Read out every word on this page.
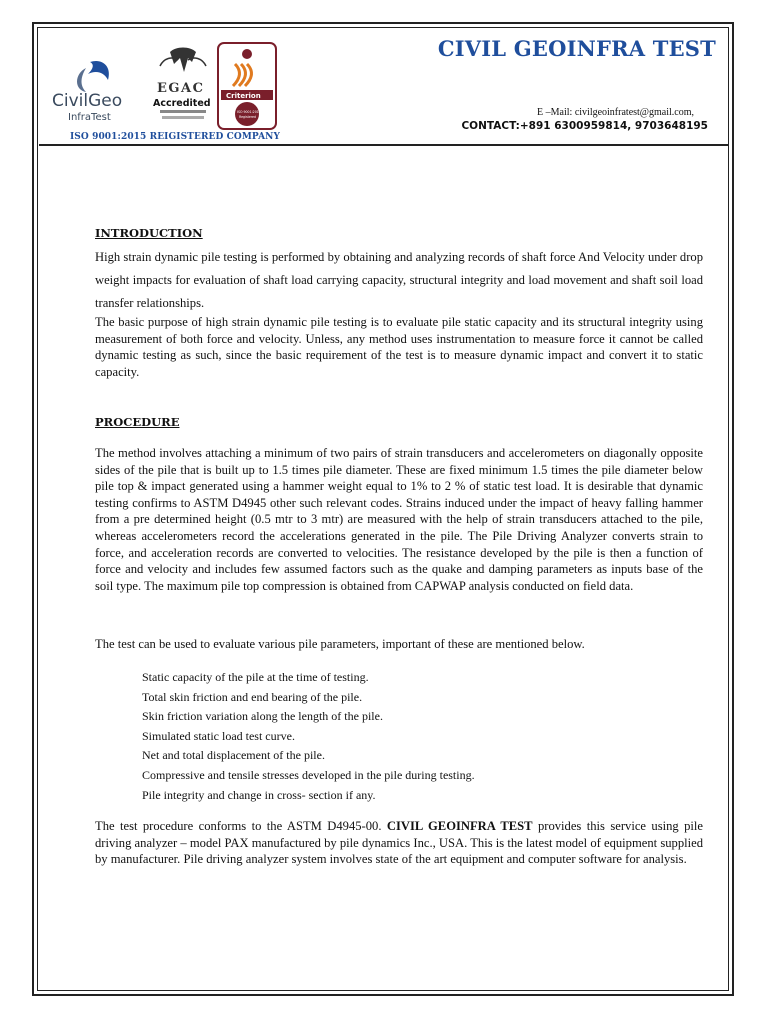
CivilGeo
InfraTest
EGAC
Accredited
Criterion
ISO 9001:2015
Registered
CIVIL GEOINFRA TEST
E –Mail: civilgeoinfratest@gmail.com,
CONTACT:+891 6300959814, 9703648195
ISO 9001:2015 REIGISTERED COMPANY
INTRODUCTION
High strain dynamic pile testing is performed by obtaining and analyzing records of shaft force And Velocity under drop weight impacts for evaluation of shaft load carrying capacity, structural integrity and load movement and shaft soil load transfer relationships.
The basic purpose of high strain dynamic pile testing is to evaluate pile static capacity and its structural integrity using measurement of both force and velocity. Unless, any method uses instrumentation to measure force it cannot be called dynamic testing as such, since the basic requirement of the test is to measure dynamic impact and convert it to static capacity.
PROCEDURE
The method involves attaching a minimum of two pairs of strain transducers and accelerometers on diagonally opposite sides of the pile that is built up to 1.5 times pile diameter. These are fixed minimum 1.5 times the pile diameter below pile top & impact generated using a hammer weight equal to 1% to 2 % of static test load. It is desirable that dynamic testing confirms to ASTM D4945 other such relevant codes. Strains induced under the impact of heavy falling hammer from a pre determined height (0.5 mtr to 3 mtr) are measured with the help of strain transducers attached to the pile, whereas accelerometers record the accelerations generated in the pile. The Pile Driving Analyzer converts strain to force, and acceleration records are converted to velocities. The resistance developed by the pile is then a function of force and velocity and includes few assumed factors such as the quake and damping parameters as inputs base of the soil type. The maximum pile top compression is obtained from CAPWAP analysis conducted on field data.
The test can be used to evaluate various pile parameters, important of these are mentioned below.
Static capacity of the pile at the time of testing.
Total skin friction and end bearing of the pile.
Skin friction variation along the length of the pile.
Simulated static load test curve.
Net and total displacement of the pile.
Compressive and tensile stresses developed in the pile during testing.
Pile integrity and change in cross- section if any.
The test procedure conforms to the ASTM D4945-00. CIVIL GEOINFRA TEST provides this service using pile driving analyzer – model PAX manufactured by pile dynamics Inc., USA. This is the latest model of equipment supplied by manufacturer. Pile driving analyzer system involves state of the art equipment and computer software for analysis.
